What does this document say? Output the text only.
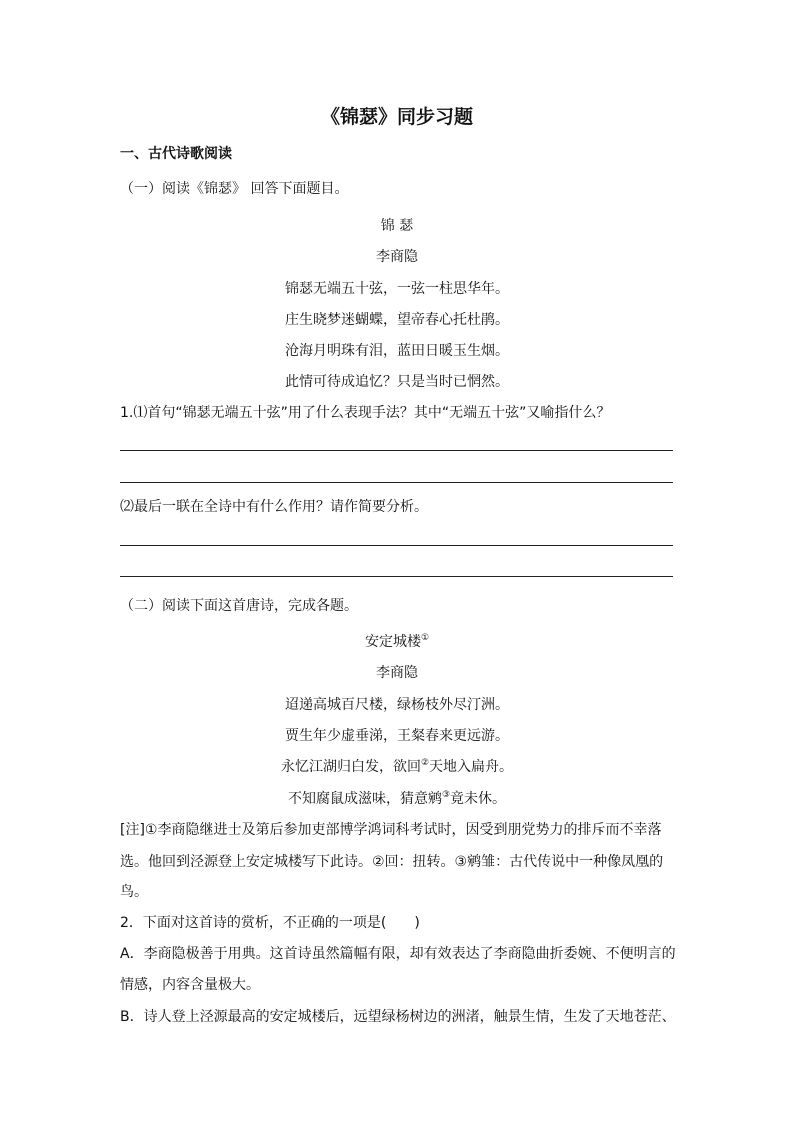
《锦瑟》同步习题
一、古代诗歌阅读
（一）阅读《锦瑟》 回答下面题目。
锦 瑟
李商隐
锦瑟无端五十弦，一弦一柱思华年。
庄生晓梦迷蝴蝶，望帝春心托杜鹃。
沧海月明珠有泪，蓝田日暖玉生烟。
此情可待成追忆？只是当时已惘然。
1.⑴首句“锦瑟无端五十弦”用了什么表现手法？其中“无端五十弦”又喻指什么？
⑵最后一联在全诗中有什么作用？请作简要分析。
（二）阅读下面这首唐诗，完成各题。
安定城楼①
李商隐
迢递高城百尺楼，绿杨枝外尽汀洲。
贾生年少虚垂涕，王粲春来更远游。
永忆江湖归白发，欲回②天地入扁舟。
不知腐鼠成滋味，猜意鹓③竟未休。
[注]①李商隐继进士及第后参加吏部博学鸿词科考试时，因受到朋党势力的排斥而不幸落
选。他回到泾源登上安定城楼写下此诗。②回：扭转。③鹓雏：古代传说中一种像凤凰的
鸟。
2．下面对这首诗的赏析，不正确的一项是(　　)
A．李商隐极善于用典。这首诗虽然篇幅有限，却有效表达了李商隐曲折委婉、不便明言的
情感，内容含量极大。
B．诗人登上泾源最高的安定城楼后，远望绿杨树边的洲渚，触景生情，生发了天地苍茫、
